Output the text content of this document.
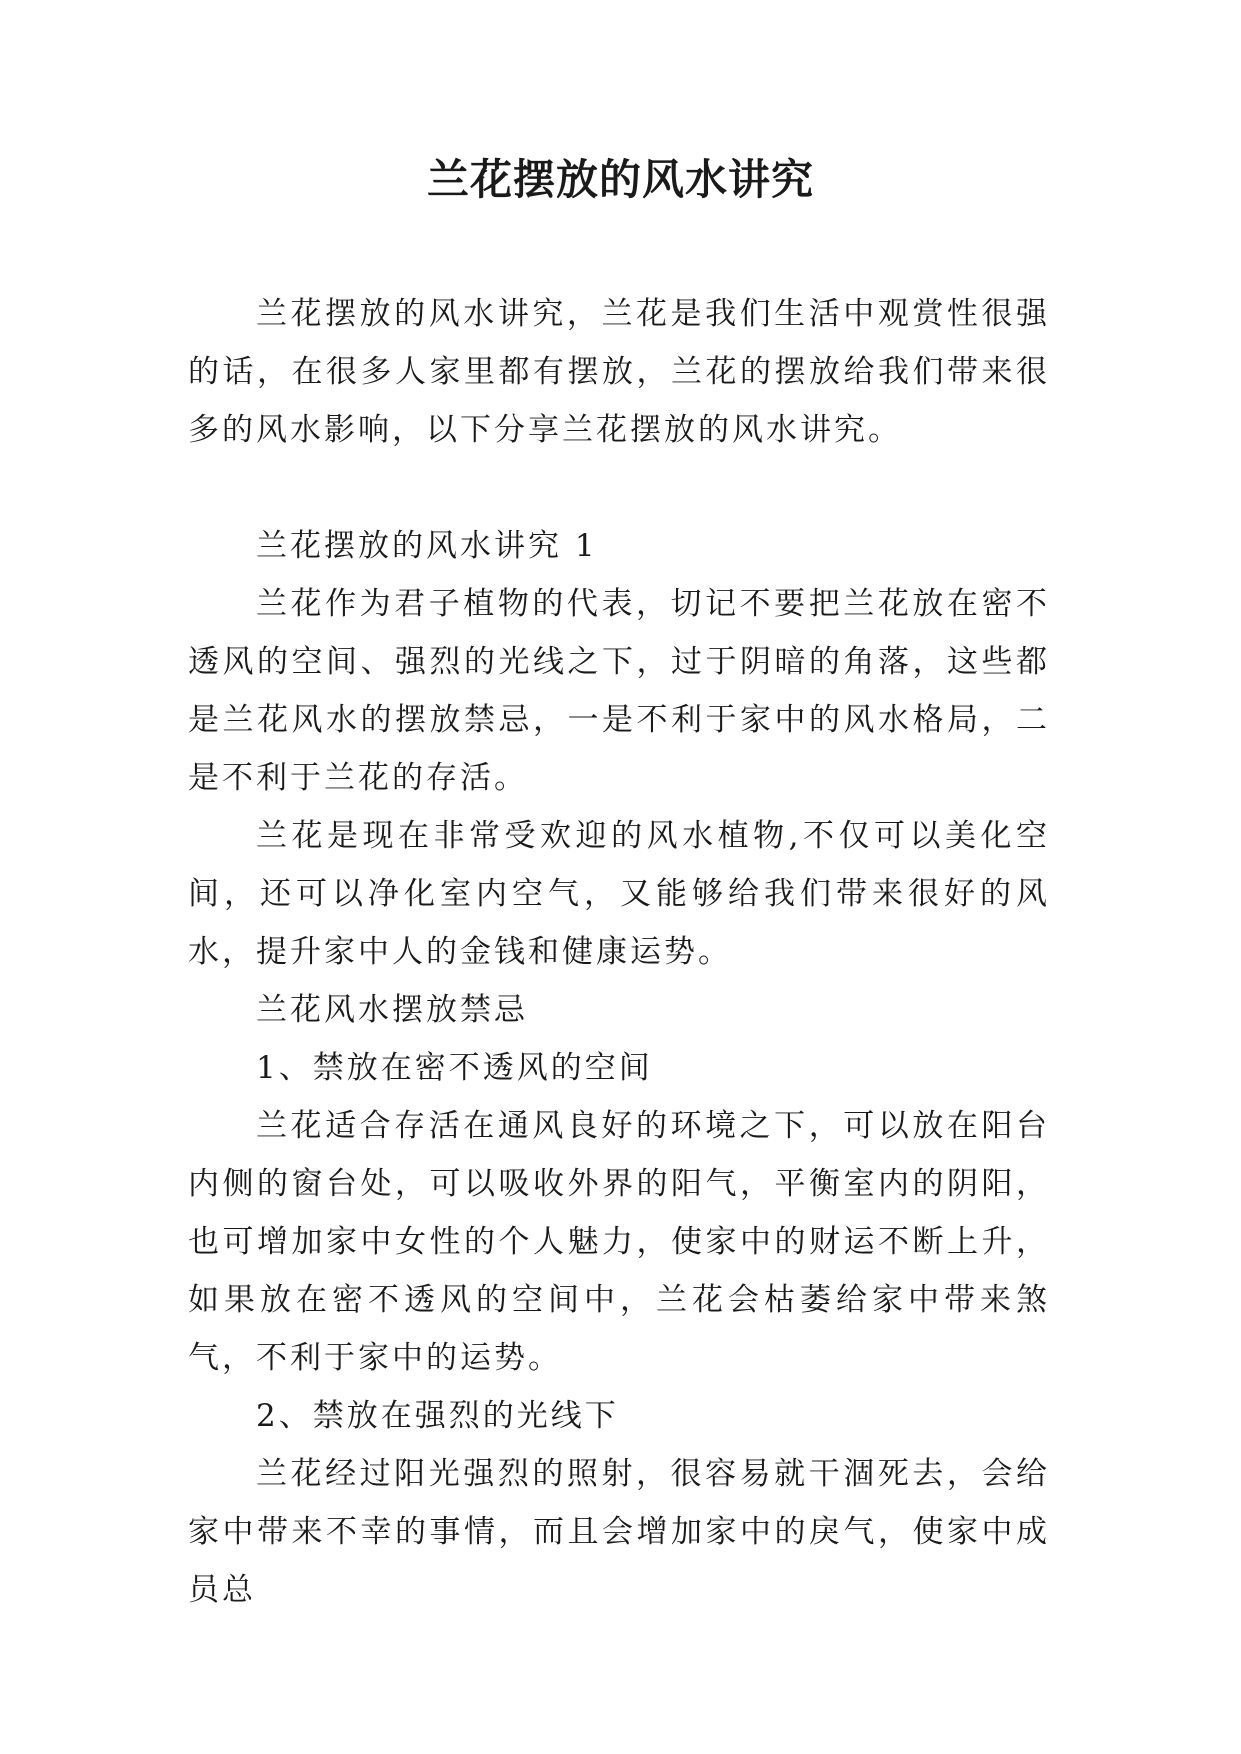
兰花摆放的风水讲究

兰花摆放的风水讲究，兰花是我们生活中观赏性很强的话，在很多人家里都有摆放，兰花的摆放给我们带来很多的风水影响，以下分享兰花摆放的风水讲究。

兰花摆放的风水讲究 1

兰花作为君子植物的代表，切记不要把兰花放在密不透风的空间、强烈的光线之下，过于阴暗的角落，这些都是兰花风水的摆放禁忌，一是不利于家中的风水格局，二是不利于兰花的存活。

兰花是现在非常受欢迎的风水植物,不仅可以美化空间，还可以净化室内空气，又能够给我们带来很好的风水，提升家中人的金钱和健康运势。

兰花风水摆放禁忌

1、禁放在密不透风的空间

兰花适合存活在通风良好的环境之下，可以放在阳台内侧的窗台处，可以吸收外界的阳气，平衡室内的阴阳，也可增加家中女性的个人魅力，使家中的财运不断上升，如果放在密不透风的空间中，兰花会枯萎给家中带来煞气，不利于家中的运势。

2、禁放在强烈的光线下

兰花经过阳光强烈的照射，很容易就干涸死去，会给家中带来不幸的事情，而且会增加家中的戾气，使家中成员总
